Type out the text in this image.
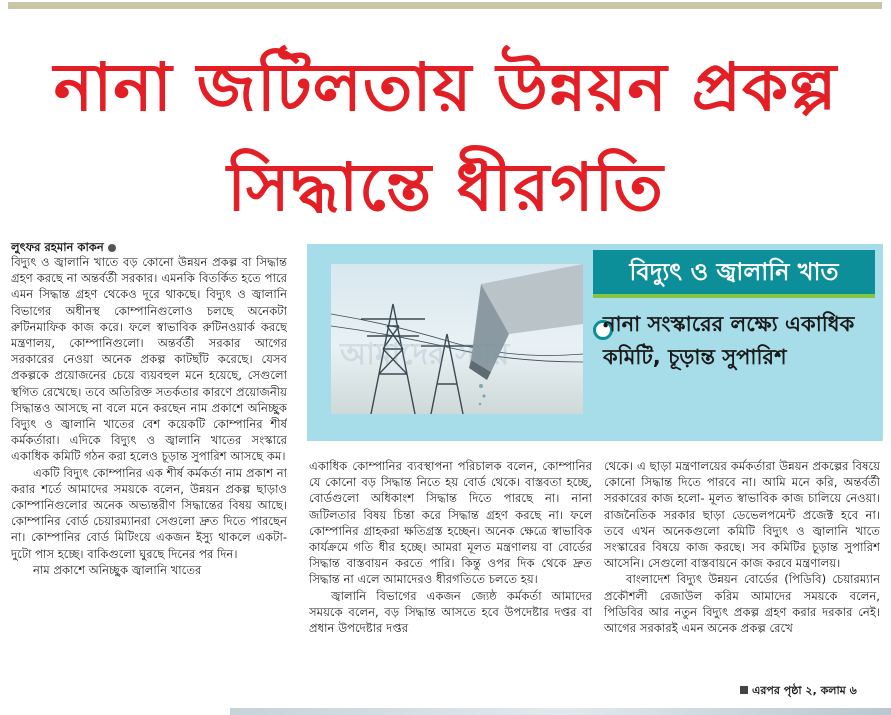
নানা জটিলতায় উন্নয়ন প্রকল্প
সিদ্ধান্তে ধীরগতি
লুৎফর রহমান কাকন

বিদ্যুৎ ও জ্বালানি খাতে বড় কোনো উন্নয়ন প্রকল্প বা সিদ্ধান্ত গ্রহণ করছে না অন্তর্বর্তী সরকার। এমনকি বিতর্কিত হতে পারে এমন সিদ্ধান্ত গ্রহণ থেকেও দূরে থাকছে। বিদ্যুৎ ও জ্বালানি বিভাগের অধীনস্থ কোম্পানিগুলোও চলছে অনেকটা রুটিনমাফিক কাজ করে। ফলে স্বাভাবিক রুটিনওয়ার্ক করছে মন্ত্রণালয়, কোম্পানিগুলো। অন্তর্বর্তী সরকার আগের সরকারের নেওয়া অনেক প্রকল্প কাটছাঁট করেছে। যেসব প্রকল্পকে প্রয়োজনের চেয়ে ব্যয়বহুল মনে হয়েছে, সেগুলো স্থগিত রেখেছে। তবে অতিরিক্ত সতর্কতার কারণে প্রয়োজনীয় সিদ্ধান্তও আসছে না বলে মনে করছেন নাম প্রকাশে অনিচ্ছুক বিদ্যুৎ ও জ্বালানি খাতের বেশ কয়েকটি কোম্পানির শীর্ষ কর্মকর্তারা। এদিকে বিদ্যুৎ ও জ্বালানি খাতের সংস্কারে একাধিক কমিটি গঠন করা হলেও চূড়ান্ত সুপারিশ আসছে কম।

একটি বিদ্যুৎ কোম্পানির এক শীর্ষ কর্মকর্তা নাম প্রকাশ না করার শর্তে আমাদের সময়কে বলেন, উন্নয়ন প্রকল্প ছাড়াও কোম্পানিগুলোর অনেক অভ্যন্তরীণ সিদ্ধান্তের বিষয় আছে। কোম্পানির বোর্ড চেয়ারম্যানরা সেগুলো দ্রুত দিতে পারছেন না। কোম্পানির বোর্ড মিটিংয়ে একজন ইস্যু থাকলে একটা-দুটো পাস হচ্ছে। বাকিগুলো ঘুরছে দিনের পর দিন।

নাম প্রকাশে অনিচ্ছুক জ্বালানি খাতের

বিদ্যুৎ ও জ্বালানি খাত
নানা সংস্কারের লক্ষ্যে একাধিক কমিটি, চূড়ান্ত সুপারিশ
আমাদের সময়

একাধিক কোম্পানির ব্যবস্থাপনা পরিচালক বলেন, কোম্পানির যে কোনো বড় সিদ্ধান্ত নিতে হয় বোর্ড থেকে। বাস্তবতা হচ্ছে, বোর্ডগুলো অধিকাংশ সিদ্ধান্ত দিতে পারছে না। নানা জটিলতার বিষয় চিন্তা করে সিদ্ধান্ত গ্রহণ করছে না। ফলে কোম্পানির গ্রাহকরা ক্ষতিগ্রস্ত হচ্ছেন। অনেক ক্ষেত্রে স্বাভাবিক কার্যক্রমে গতি ধীর হচ্ছে। আমরা মূলত মন্ত্রণালয় বা বোর্ডের সিদ্ধান্ত বাস্তবায়ন করতে পারি। কিন্তু ওপর দিক থেকে দ্রুত সিদ্ধান্ত না এলে আমাদেরও ধীরগতিতে চলতে হয়।

জ্বালানি বিভাগের একজন জ্যেষ্ঠ কর্মকর্তা আমাদের সময়কে বলেন, বড় সিদ্ধান্ত আসতে হবে উপদেষ্টার দপ্তর বা প্রধান উপদেষ্টার দপ্তর

থেকে। এ ছাড়া মন্ত্রণালয়ের কর্মকর্তারা উন্নয়ন প্রকল্পের বিষয়ে কোনো সিদ্ধান্ত দিতে পারবে না। আমি মনে করি, অন্তর্বর্তী সরকারের কাজ হলো- মূলত স্বাভাবিক কাজ চালিয়ে নেওয়া। রাজনৈতিক সরকার ছাড়া ডেভেলপমেন্ট প্রজেক্ট হবে না। তবে এখন অনেকগুলো কমিটি বিদ্যুৎ ও জ্বালানি খাতে সংস্কারের বিষয়ে কাজ করছে। সব কমিটির চূড়ান্ত সুপারিশ আসেনি। সেগুলো বাস্তবায়নে কাজ করবে মন্ত্রণালয়।

বাংলাদেশ বিদ্যুৎ উন্নয়ন বোর্ডের (পিডিবি) চেয়ারম্যান প্রকৌশলী রেজাউল করিম আমাদের সময়কে বলেন, পিডিবির আর নতুন বিদ্যুৎ প্রকল্প গ্রহণ করার দরকার নেই। আগের সরকারই এমন অনেক প্রকল্প রেখে

এরপর পৃষ্ঠা ২, কলাম ৬
